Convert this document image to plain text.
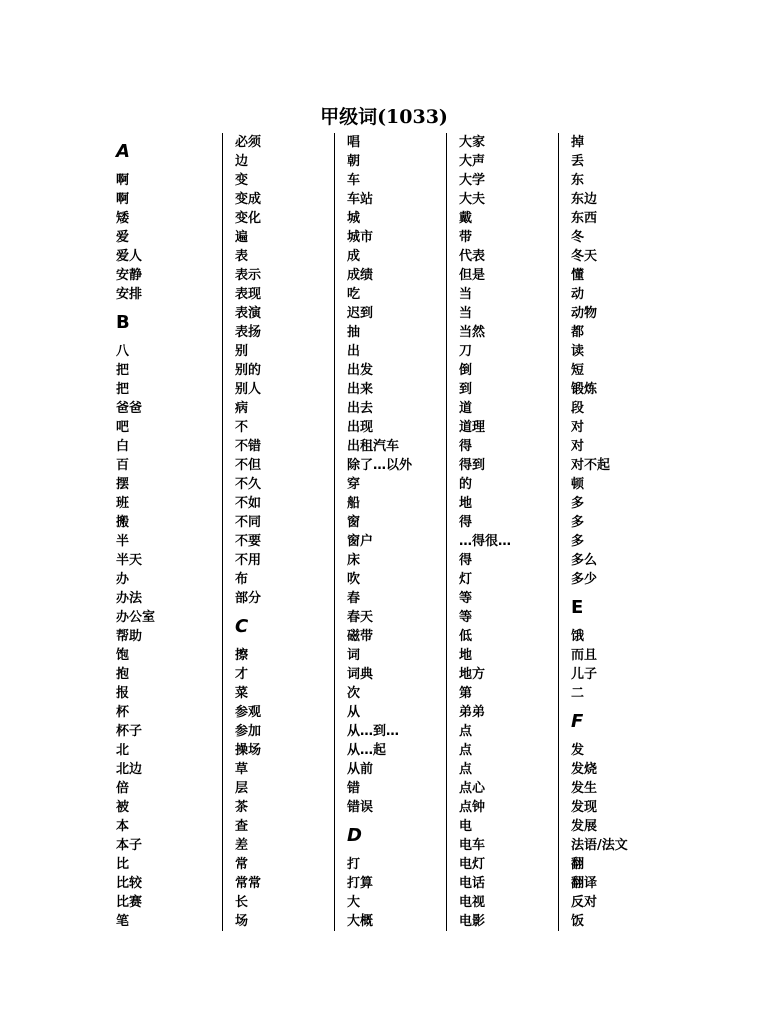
甲级词(1033)
A
啊
啊
矮
爱
爱人
安静
安排
B
八
把
把
爸爸
吧
白
百
摆
班
搬
半
半天
办
办法
办公室
帮助
饱
抱
报
杯
杯子
北
北边
倍
被
本
本子
比
比较
比赛
笔
必须
边
变
变成
变化
遍
表
表示
表现
表演
表扬
别
别的
别人
病
不
不错
不但
不久
不如
不同
不要
不用
布
部分
C
擦
才
菜
参观
参加
操场
草
层
茶
查
差
常
常常
长
场
唱
朝
车
车站
城
城市
成
成绩
吃
迟到
抽
出
出发
出来
出去
出现
出租汽车
除了…以外
穿
船
窗
窗户
床
吹
春
春天
磁带
词
词典
次
从
从…到…
从…起
从前
错
错误
D
打
打算
大
大概
大家
大声
大学
大夫
戴
带
代表
但是
当
当
当然
刀
倒
到
道
道理
得
得到
的
地
得
…得很…
得
灯
等
等
低
地
地方
第
弟弟
点
点
点
点心
点钟
电
电车
电灯
电话
电视
电影
掉
丢
东
东边
东西
冬
冬天
懂
动
动物
都
读
短
锻炼
段
对
对
对不起
顿
多
多
多
多么
多少
E
饿
而且
儿子
二
F
发
发烧
发生
发现
发展
法语/法文
翻
翻译
反对
饭
